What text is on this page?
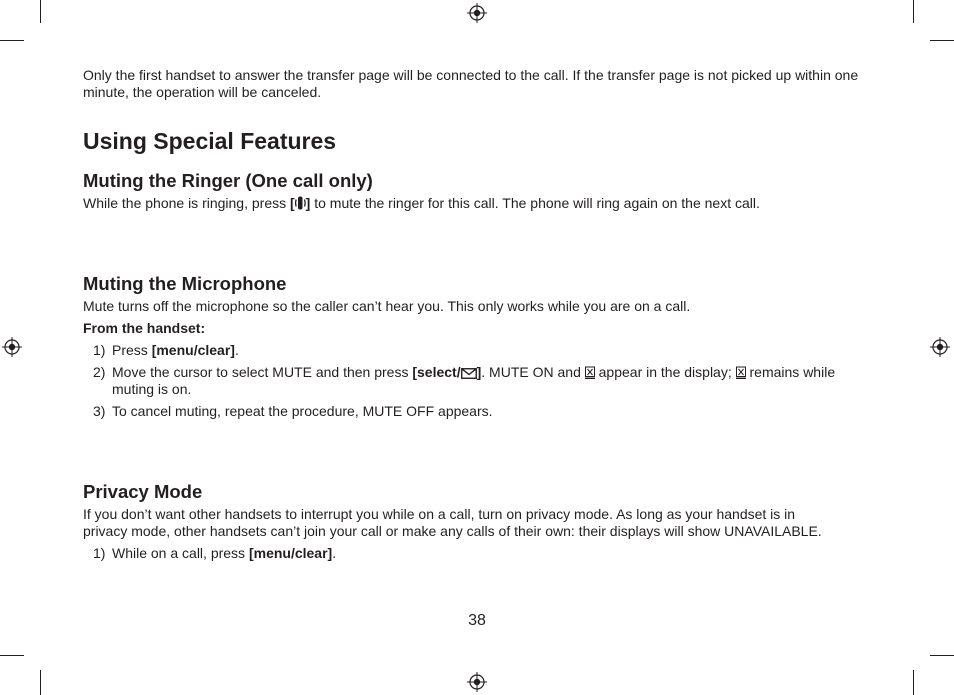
Only the first handset to answer the transfer page will be connected to the call. If the transfer page is not picked up within one minute, the operation will be canceled.

Using Special Features
Muting the Ringer (One call only)

While the phone is ringing, press [ ] to mute the ringer for this call. The phone will ring again on the next call.

Muting the Microphone

Mute turns off the microphone so the caller can’t hear you. This only works while you are on a call.

From the handset:

1) Press [menu/clear].
2) Move the cursor to select MUTE and then press [select/ ]. MUTE ON and  appear in the display;  remains while muting is on.
3) To cancel muting, repeat the procedure, MUTE OFF appears.
Privacy Mode

If you don’t want other handsets to interrupt you while on a call, turn on privacy mode. As long as your handset is in privacy mode, other handsets can’t join your call or make any calls of their own: their displays will show UNAVAILABLE.

1) While on a call, press [menu/clear].
38
